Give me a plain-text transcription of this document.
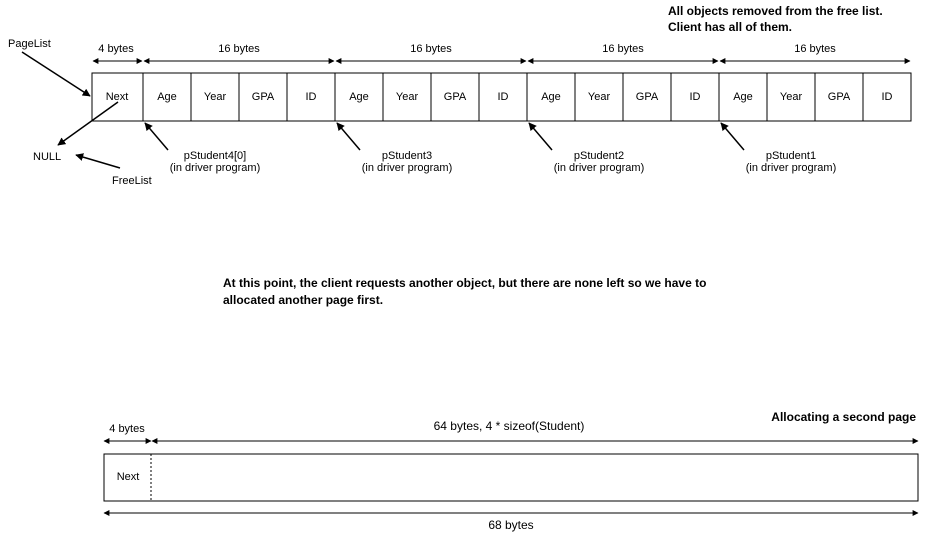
All objects removed from the free list.
Client has all of them.
PageList
NULL
FreeList
4 bytes	16 bytes	16 bytes	16 bytes	16 bytes
Next	Age Year GPA	ID	Age Year GPA	ID	Age Year GPA	ID	Age Year GPA	ID
pStudent4[0]
(in driver program)
pStudent3
(in driver program)
pStudent2
(in driver program)
pStudent1
(in driver program)
At this point, the client requests another object, but there are none left so we have to
allocated another page first.
Allocating a second page
4 bytes	64 bytes, 4 * sizeof(Student)
Next
68 bytes
